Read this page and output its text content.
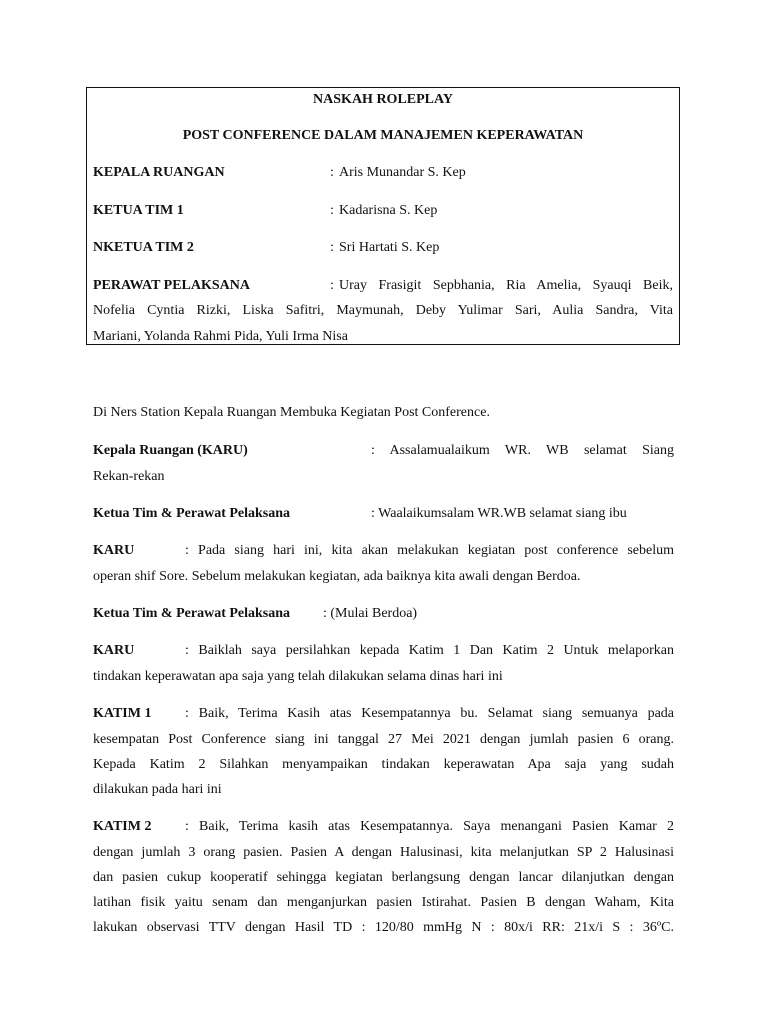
NASKAH ROLEPLAY
POST CONFERENCE DALAM MANAJEMEN KEPERAWATAN
KEPALA RUANGAN	: Aris Munandar S. Kep
KETUA TIM 1	: Kadarisna S. Kep
NKETUA TIM 2	: Sri Hartati S. Kep
PERAWAT PELAKSANA	: Uray Frasigit Sepbhania, Ria Amelia, Syauqi Beik,
Nofelia Cyntia Rizki, Liska Safitri, Maymunah, Deby Yulimar Sari, Aulia Sandra, Vita
Mariani, Yolanda Rahmi Pida, Yuli Irma Nisa
Di Ners Station Kepala Ruangan Membuka Kegiatan Post Conference.
Kepala Ruangan (KARU)	: Assalamualaikum WR. WB selamat Siang
Rekan-rekan
Ketua Tim & Perawat Pelaksana	: Waalaikumsalam WR.WB selamat siang ibu
KARU	: Pada siang hari ini, kita akan melakukan kegiatan post conference sebelum
operan shif Sore. Sebelum melakukan kegiatan, ada baiknya kita awali dengan Berdoa.
Ketua Tim & Perawat Pelaksana : (Mulai Berdoa)
KARU	: Baiklah saya persilahkan kepada Katim 1 Dan Katim 2 Untuk melaporkan
tindakan keperawatan apa saja yang telah dilakukan selama dinas hari ini
KATIM 1 : Baik, Terima Kasih atas Kesempatannya bu. Selamat siang semuanya pada
kesempatan Post Conference siang ini tanggal 27 Mei 2021 dengan jumlah pasien 6 orang.
Kepada Katim 2 Silahkan menyampaikan tindakan keperawatan Apa saja yang sudah
dilakukan pada hari ini
KATIM 2 : Baik, Terima kasih atas Kesempatannya. Saya menangani Pasien Kamar 2
dengan jumlah 3 orang pasien. Pasien A dengan Halusinasi, kita melanjutkan SP 2 Halusinasi
dan pasien cukup kooperatif sehingga kegiatan berlangsung dengan lancar dilanjutkan dengan
latihan fisik yaitu senam dan menganjurkan pasien Istirahat. Pasien B dengan Waham, Kita
lakukan observasi TTV dengan Hasil TD : 120/80 mmHg N : 80x/i RR: 21x/i S : 36ºC.
